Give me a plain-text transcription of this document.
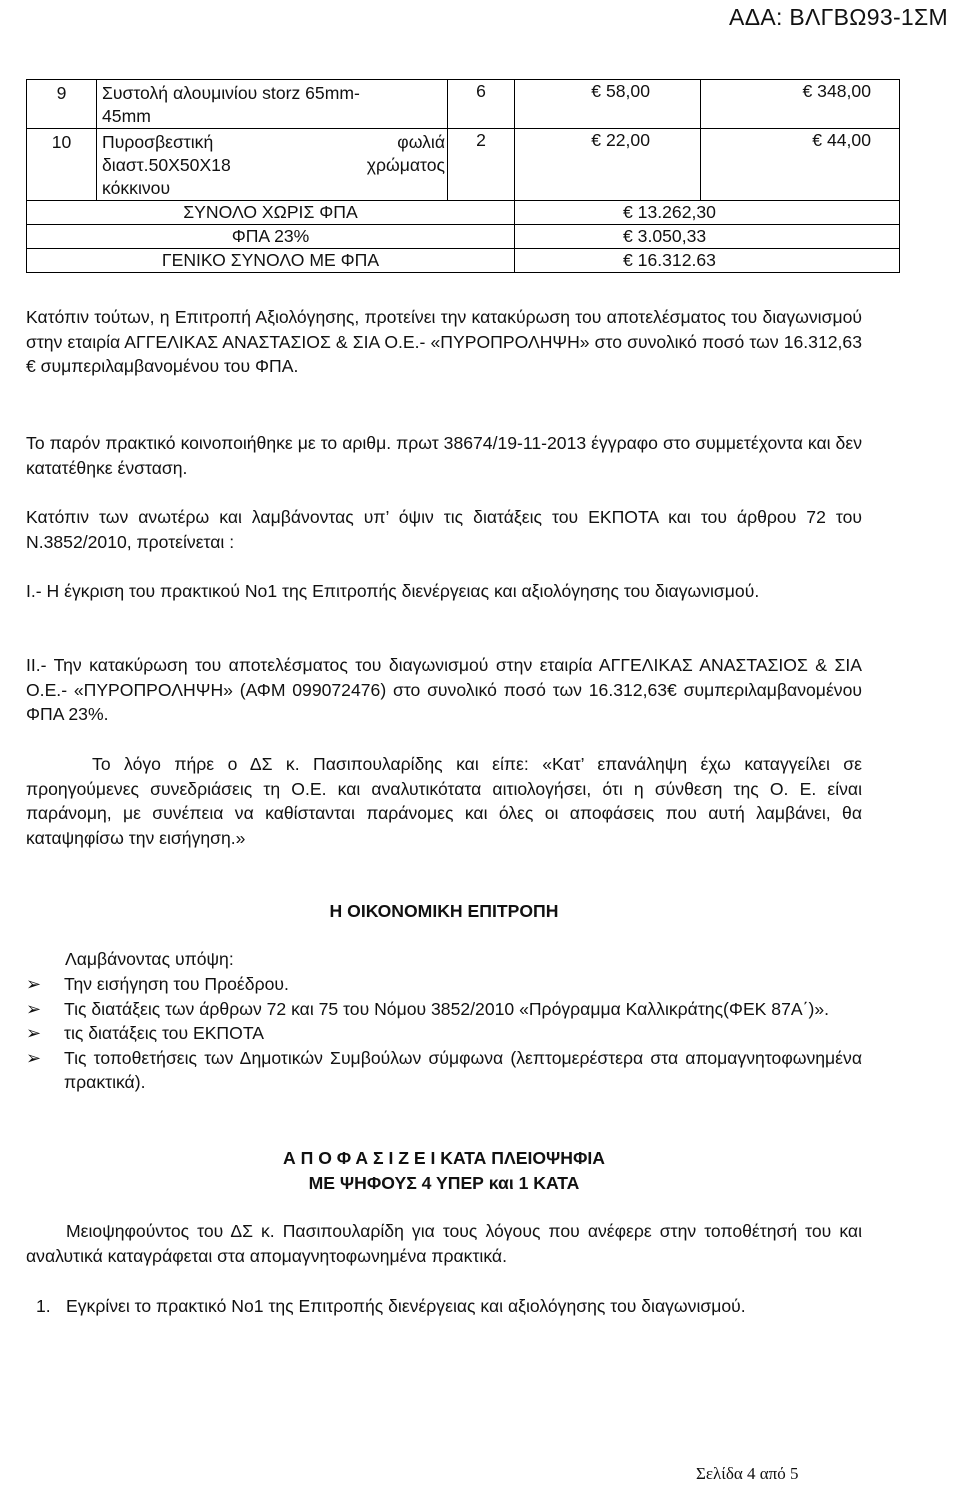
ΑΔΑ: ΒΛΓΒΩ93-1ΣΜ
9	Συστολή αλουμινίου storz 65mm-
45mm	6	€ 58,00	€ 348,00
10	Πυροσβεστική φωλιά
διαστ.50Χ50Χ18 χρώματος
κόκκινου	2	€ 22,00	€ 44,00
ΣΥΝΟΛΟ ΧΩΡΙΣ ΦΠΑ			€ 13.262,30	
ΦΠΑ 23%			€ 3.050,33	
ΓΕΝΙΚΟ ΣΥΝΟΛΟ ΜΕ ΦΠΑ			€ 16.312.63	
Κατόπιν τούτων, η Επιτροπή Αξιολόγησης, προτείνει την κατακύρωση του αποτελέσματος του διαγωνισμού στην εταιρία ΑΓΓΕΛΙΚΑΣ ΑΝΑΣΤΑΣΙΟΣ & ΣΙΑ Ο.Ε.- «ΠΥΡΟΠΡΟΛΗΨΗ» στο συνολικό ποσό των 16.312,63 € συμπεριλαμβανομένου του ΦΠΑ.
Το παρόν πρακτικό κοινοποιήθηκε με το αριθμ. πρωτ 38674/19-11-2013 έγγραφο στο συμμετέχοντα και δεν κατατέθηκε ένσταση.
Κατόπιν των ανωτέρω και λαμβάνοντας υπ’ όψιν τις διατάξεις του ΕΚΠΟΤΑ και του άρθρου 72 του Ν.3852/2010, προτείνεται :
Ι.- Η έγκριση του πρακτικού Νο1 της Επιτροπής διενέργειας και αξιολόγησης του διαγωνισμού.
ΙΙ.- Την κατακύρωση του αποτελέσματος του διαγωνισμού στην εταιρία ΑΓΓΕΛΙΚΑΣ ΑΝΑΣΤΑΣΙΟΣ & ΣΙΑ Ο.Ε.- «ΠΥΡΟΠΡΟΛΗΨΗ» (ΑΦΜ 099072476) στο συνολικό ποσό των 16.312,63€ συμπεριλαμβανομένου ΦΠΑ 23%.
Το λόγο πήρε ο ΔΣ κ. Πασιπουλαρίδης και είπε: «Κατ’ επανάληψη έχω καταγγείλει σε προηγούμενες συνεδριάσεις τη Ο.Ε. και αναλυτικότατα αιτιολογήσει, ότι η σύνθεση της Ο. Ε. είναι παράνομη, με συνέπεια να καθίστανται παράνομες και όλες οι αποφάσεις που αυτή λαμβάνει, θα καταψηφίσω την εισήγηση.»
Η ΟΙΚΟΝΟΜΙΚΗ ΕΠΙΤΡΟΠΗ
Λαμβάνοντας υπόψη:
➢ Την εισήγηση του Προέδρου.
➢ Τις διατάξεις των άρθρων 72 και 75 του Νόμου 3852/2010 «Πρόγραμμα Καλλικράτης(ΦΕΚ 87Α΄)».
➢ τις διατάξεις του ΕΚΠΟΤΑ
➢ Τις τοποθετήσεις των Δημοτικών Συμβούλων σύμφωνα (λεπτομερέστερα στα απομαγνητοφωνημένα πρακτικά).
Α Π Ο Φ Α Σ Ι Ζ Ε Ι ΚΑΤΑ ΠΛΕΙΟΨΗΦΙΑ
ΜΕ ΨΗΦΟΥΣ 4 ΥΠΕΡ και 1 ΚΑΤΑ
Μειοψηφούντος του ΔΣ κ. Πασιπουλαρίδη για τους λόγους που ανέφερε στην τοποθέτησή του και αναλυτικά καταγράφεται στα απομαγνητοφωνημένα πρακτικά.
1. Εγκρίνει το πρακτικό Νο1 της Επιτροπής διενέργειας και αξιολόγησης του διαγωνισμού.
Σελίδα 4 από 5
